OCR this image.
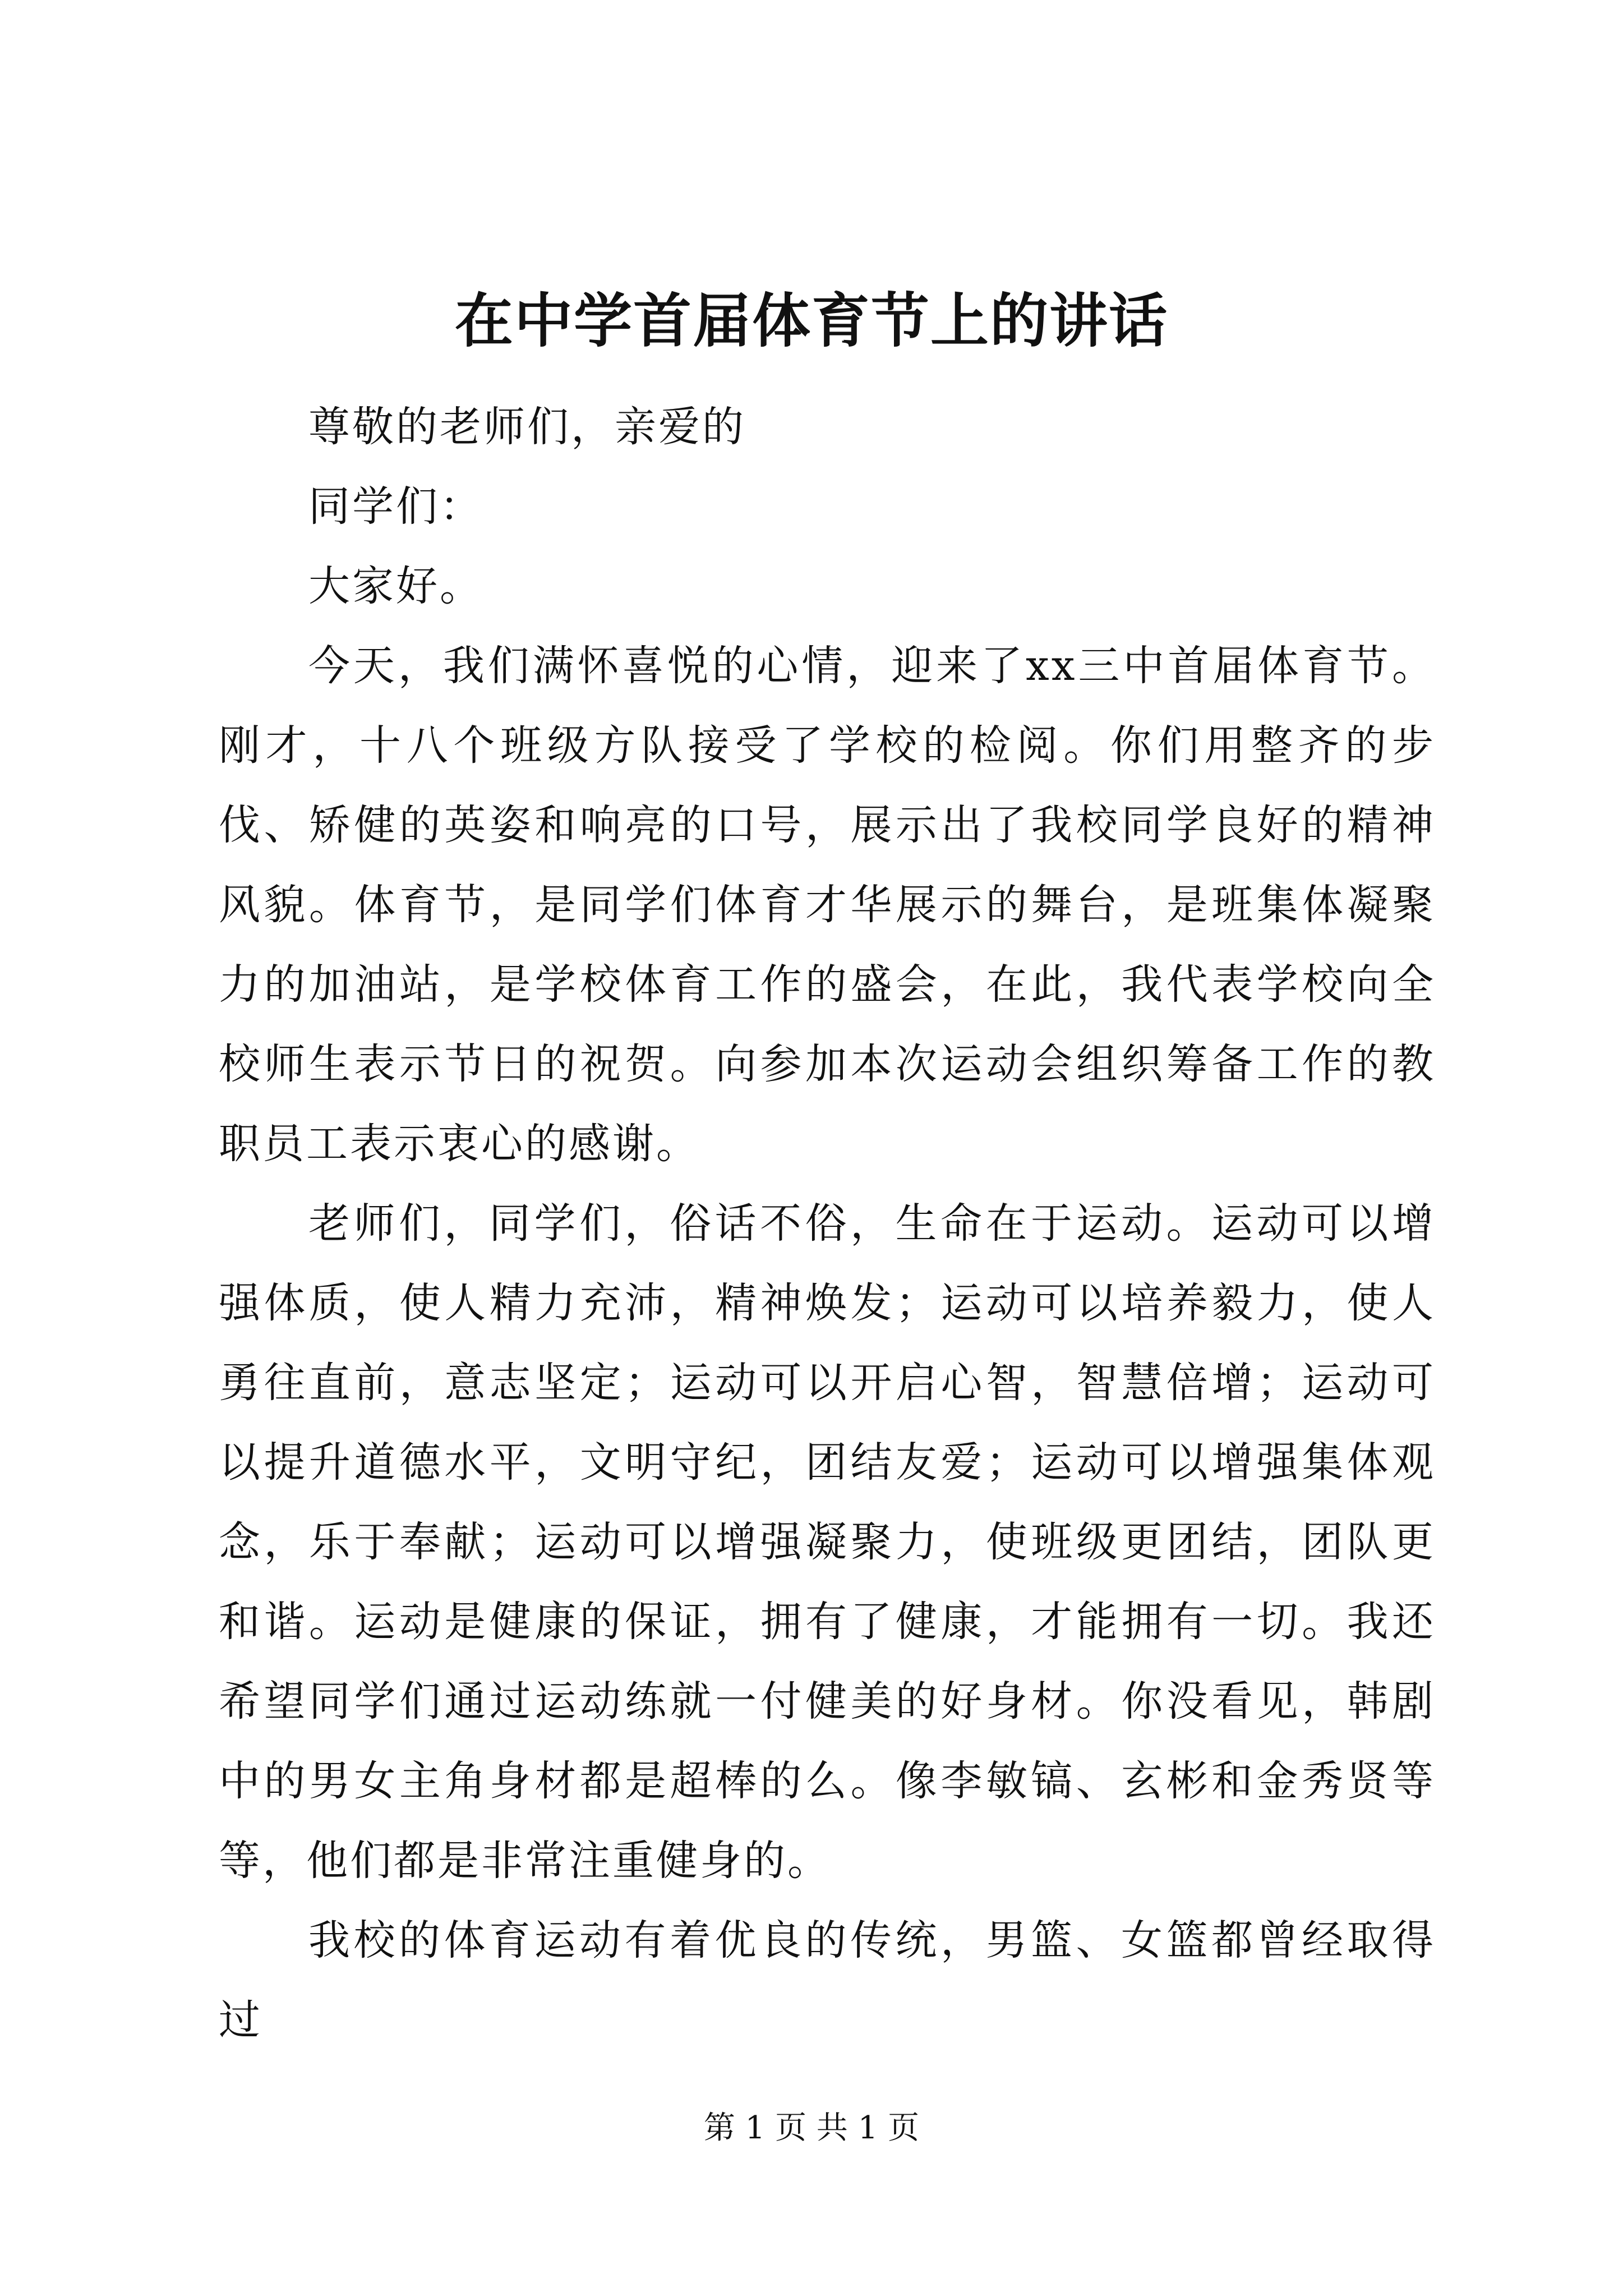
在中学首届体育节上的讲话

尊敬的老师们，亲爱的

同学们：

大家好。

今天，我们满怀喜悦的心情，迎来了xx三中首届体育节。刚才，十八个班级方队接受了学校的检阅。你们用整齐的步伐、矫健的英姿和响亮的口号，展示出了我校同学良好的精神风貌。体育节，是同学们体育才华展示的舞台，是班集体凝聚力的加油站，是学校体育工作的盛会，在此，我代表学校向全校师生表示节日的祝贺。向参加本次运动会组织筹备工作的教职员工表示衷心的感谢。

老师们，同学们，俗话不俗，生命在于运动。运动可以增强体质，使人精力充沛，精神焕发；运动可以培养毅力，使人勇往直前，意志坚定；运动可以开启心智，智慧倍增；运动可以提升道德水平，文明守纪，团结友爱；运动可以增强集体观念，乐于奉献；运动可以增强凝聚力，使班级更团结，团队更和谐。运动是健康的保证，拥有了健康，才能拥有一切。我还希望同学们通过运动练就一付健美的好身材。你没看见，韩剧中的男女主角身材都是超棒的么。像李敏镐、玄彬和金秀贤等等，他们都是非常注重健身的。

我校的体育运动有着优良的传统，男篮、女篮都曾经取得过

第 1 页 共 1 页
